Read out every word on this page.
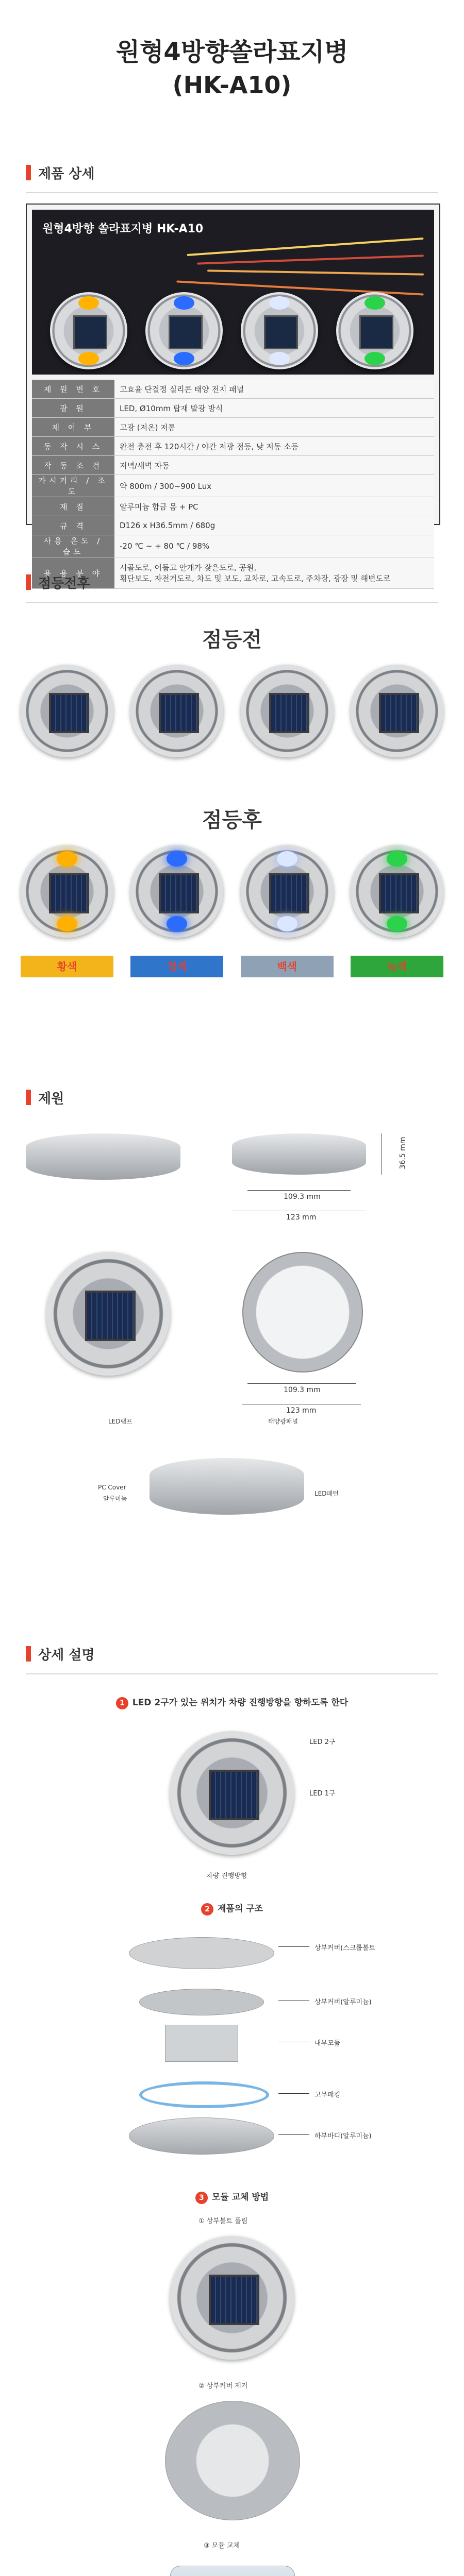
원형4방향쏠라표지병
(HK-A10)
제품 상세
원형4방향 쏠라표지병 HK-A10
제 원 번 호	고효율 단결정 실리콘 태양 전지 패널
광 원	LED, Ø10mm 탑재 발광 방식
제 어 부	고광 (저온) 저통
동 작 시 스	완전 충전 후 120시간 / 야간 저광 점등, 낮 저동 소등
작 동 조 건	저녁/새벽 자동
가시거리 / 조도	약 800m / 300~900 Lux
재 질	알루미늄 합금 몸 + PC
규 격	D126 x H36.5mm / 680g
사용 온도 / 습도	-20 ℃ ~ + 80 ℃ / 98%
용 용 분 야	시골도로, 어둡고 안개가 잦은도로, 공원,
횡단보도, 자전거도로, 차도 및 보도, 교차로, 고속도로, 주차장, 광장 및 해변도로
점등전후
점등전
점등후
황색	청색	백색	녹색
제원
36.5 mm
109.3 mm
123 mm
109.3 mm
123 mm
LED램프	태양광패널
PC Cover
알루미늄
LED패턴
상세 설명
1 LED 2구가 있는 위치가 차량 진행방향을 향하도록 한다
LED 2구
LED 1구
차량 진행방향
2 제품의 구조
상부커버(스크롤볼트
상부커버(알루미늄)
내부모듈
고무패킹
하부바디(알루미늄)
3 모듈 교체 방법
① 상부볼트 풀림
② 상부커버 제거
③ 모듈 교체
